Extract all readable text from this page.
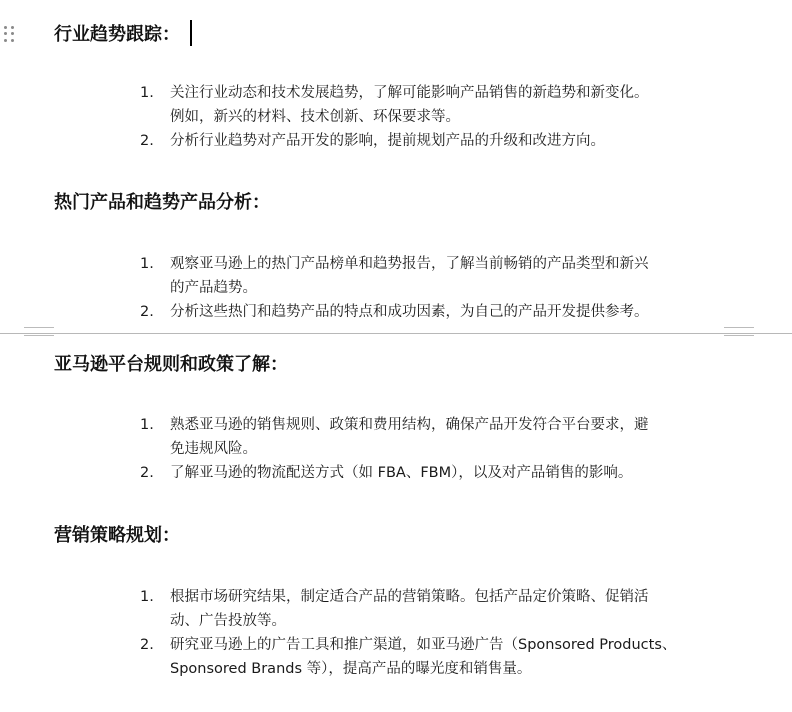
行业趋势跟踪：
1.	关注行业动态和技术发展趋势，了解可能影响产品销售的新趋势和新变化。
例如，新兴的材料、技术创新、环保要求等。
2.	分析行业趋势对产品开发的影响，提前规划产品的升级和改进方向。
热门产品和趋势产品分析：
1.	观察亚马逊上的热门产品榜单和趋势报告，了解当前畅销的产品类型和新兴
的产品趋势。
2.	分析这些热门和趋势产品的特点和成功因素，为自己的产品开发提供参考。
亚马逊平台规则和政策了解：
1.	熟悉亚马逊的销售规则、政策和费用结构，确保产品开发符合平台要求，避
免违规风险。
2.	了解亚马逊的物流配送方式（如 FBA、FBM），以及对产品销售的影响。
营销策略规划：
1.	根据市场研究结果，制定适合产品的营销策略。包括产品定价策略、促销活
动、广告投放等。
2.	研究亚马逊上的广告工具和推广渠道，如亚马逊广告（Sponsored Products、
Sponsored Brands 等），提高产品的曝光度和销售量。
